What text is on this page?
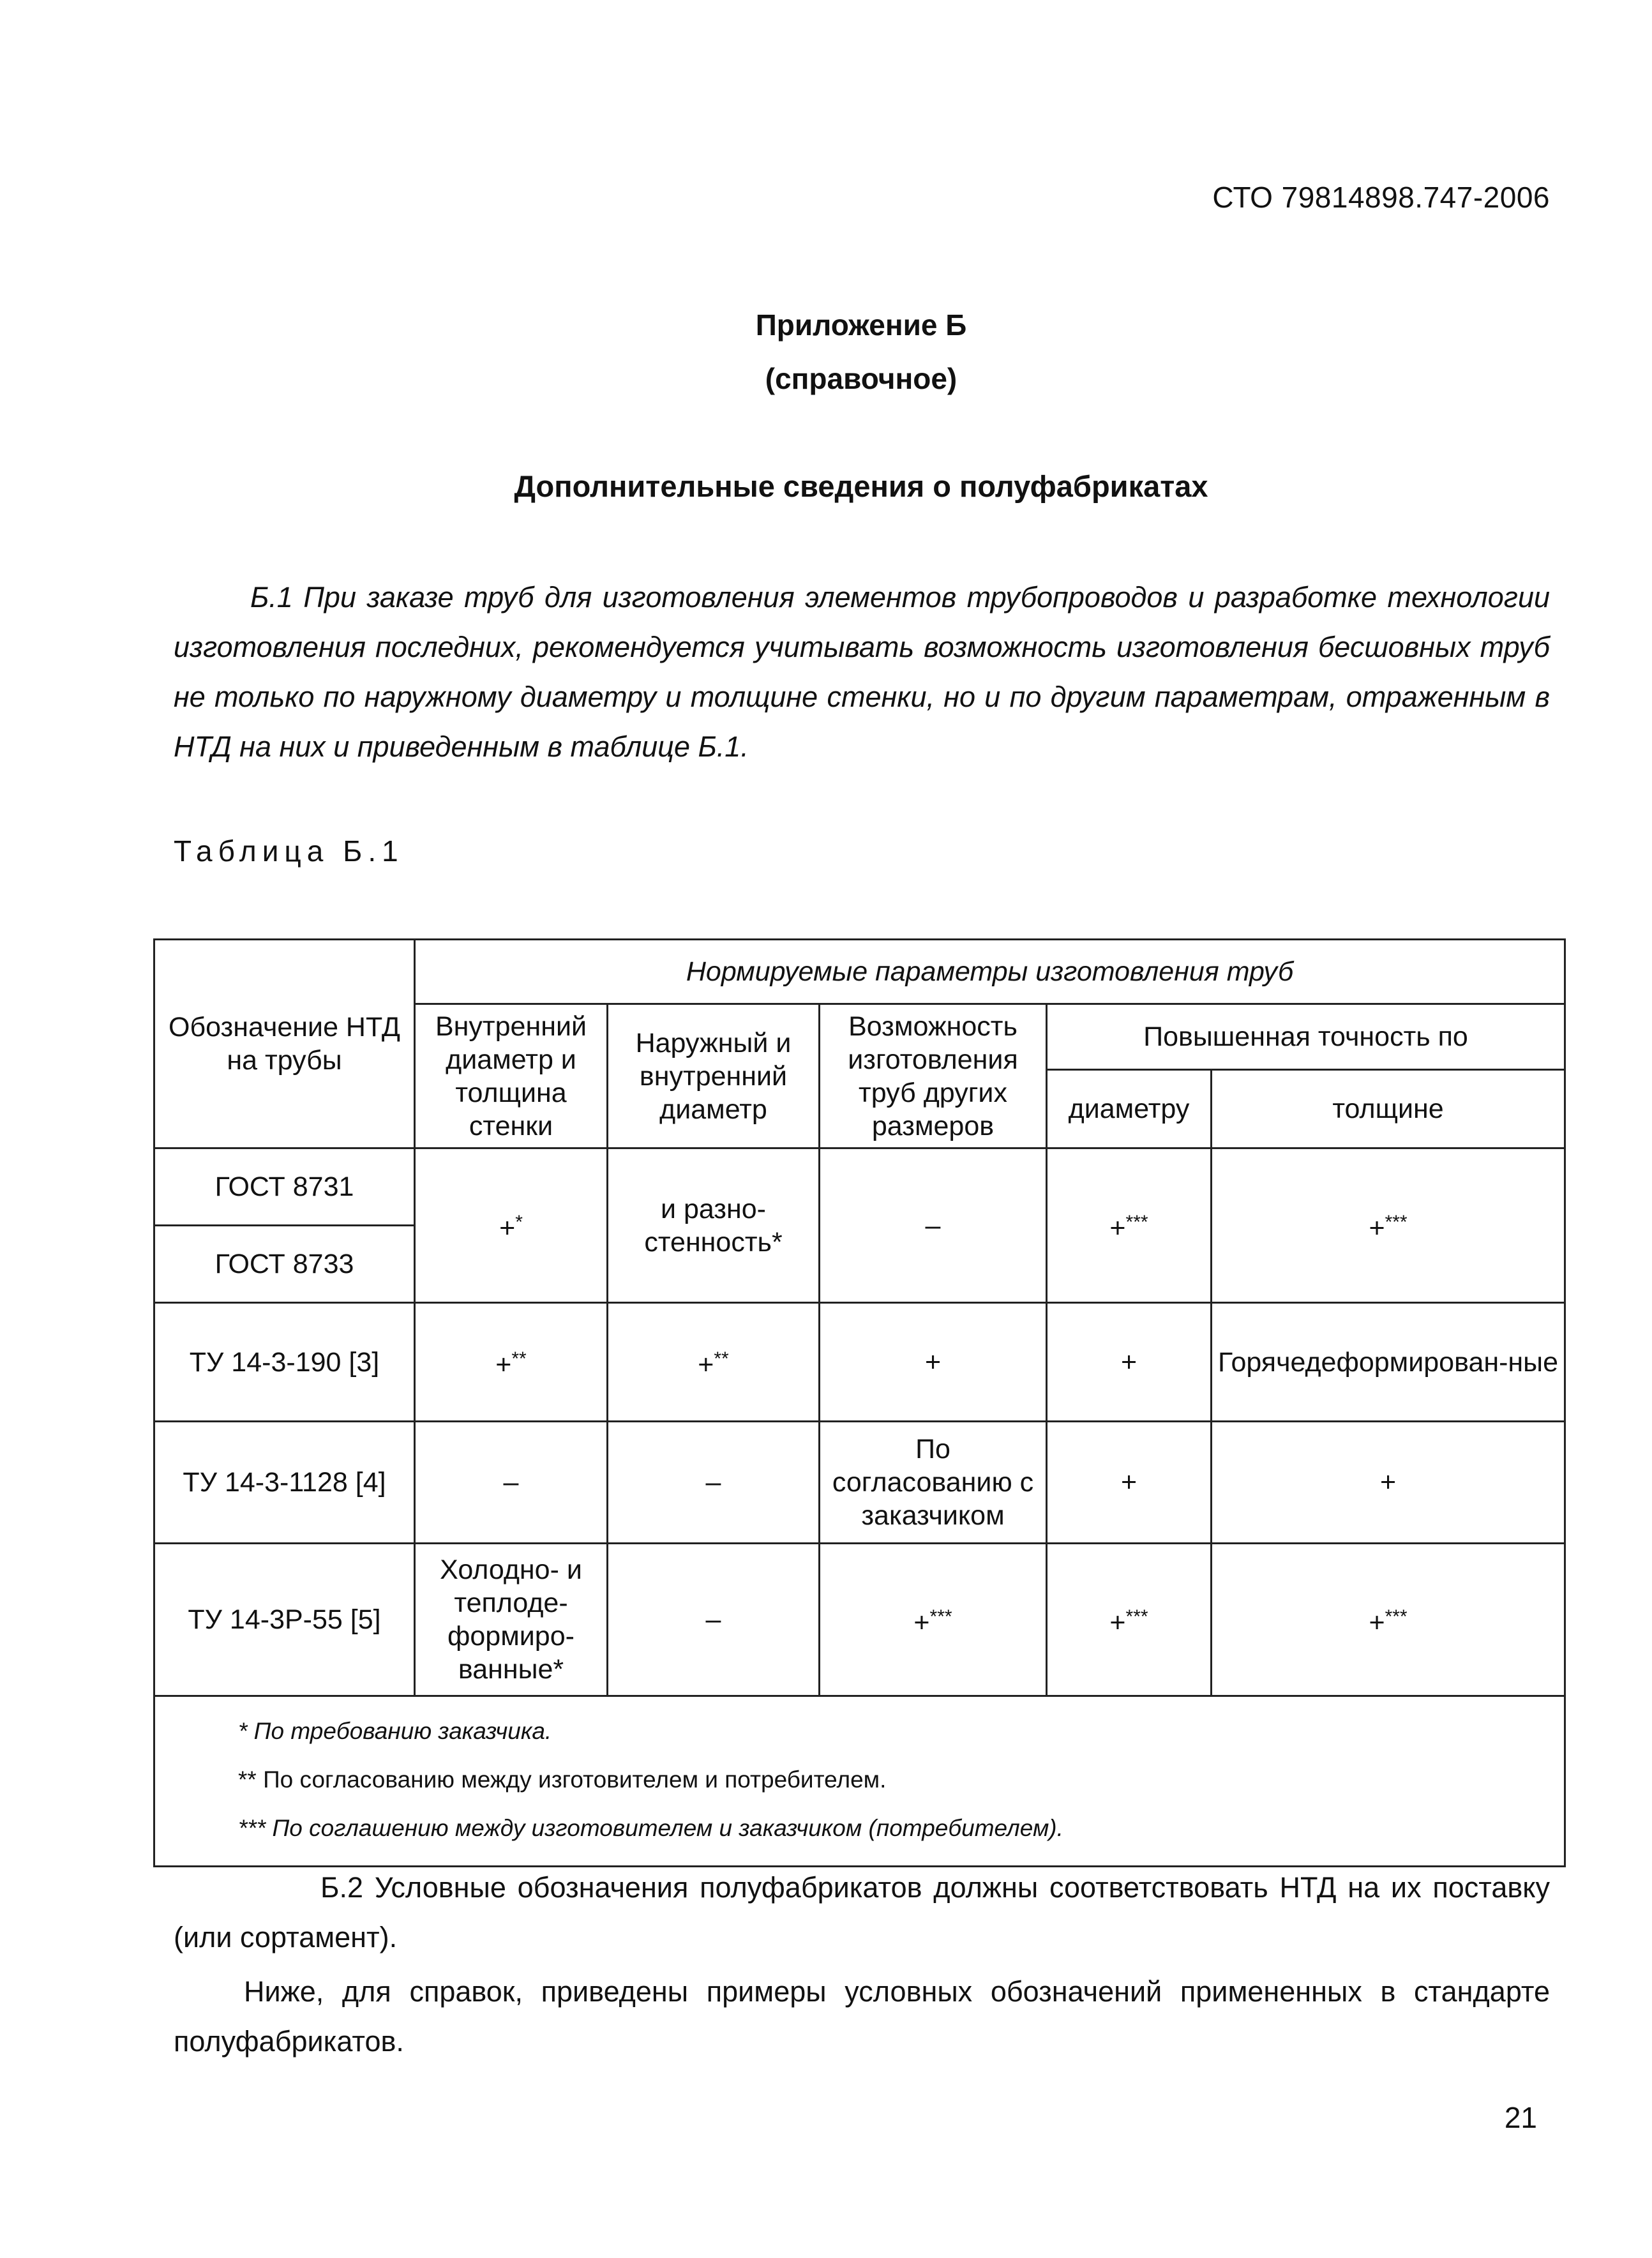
СТО 79814898.747-2006
Приложение Б
(справочное)
Дополнительные сведения о полуфабрикатах
Б.1 При заказе труб для изготовления элементов трубопроводов и разработке технологии изготовления последних, рекомендуется учитывать возможность изготовления бесшовных труб не только по наружному диаметру и толщине стенки, но и по другим параметрам, отраженным в НТД на них и приведенным в таблице Б.1.
Таблица Б.1
Обозначение НТД на трубы	Нормируемые параметры изготовления труб				
	Внутренний диаметр и толщина стенки	Наружный и внутренний диаметр	Возможность изготовления труб других размеров	Повышенная точность по	
				диаметру	толщине
ГОСТ 8731	+*	и разно-стенность*	–	+***	+***
ГОСТ 8733					
ТУ 14-3-190 [3]	+**	+**	+	+	Горячедеформирован-ные
ТУ 14-3-1128 [4]	–	–	По согласованию с заказчиком	+	+
ТУ 14-3Р-55 [5]	Холодно- и теплоде-формиро-ванные*	–	+***	+***	+***

* По требованию заказчика.
** По согласованию между изготовителем и потребителем.
*** По соглашению между изготовителем и заказчиком (потребителем).					
Б.2 Условные обозначения полуфабрикатов должны соответствовать НТД на их поставку (или сортамент).
Ниже, для справок, приведены примеры условных обозначений примененных в стандарте полуфабрикатов.
21
